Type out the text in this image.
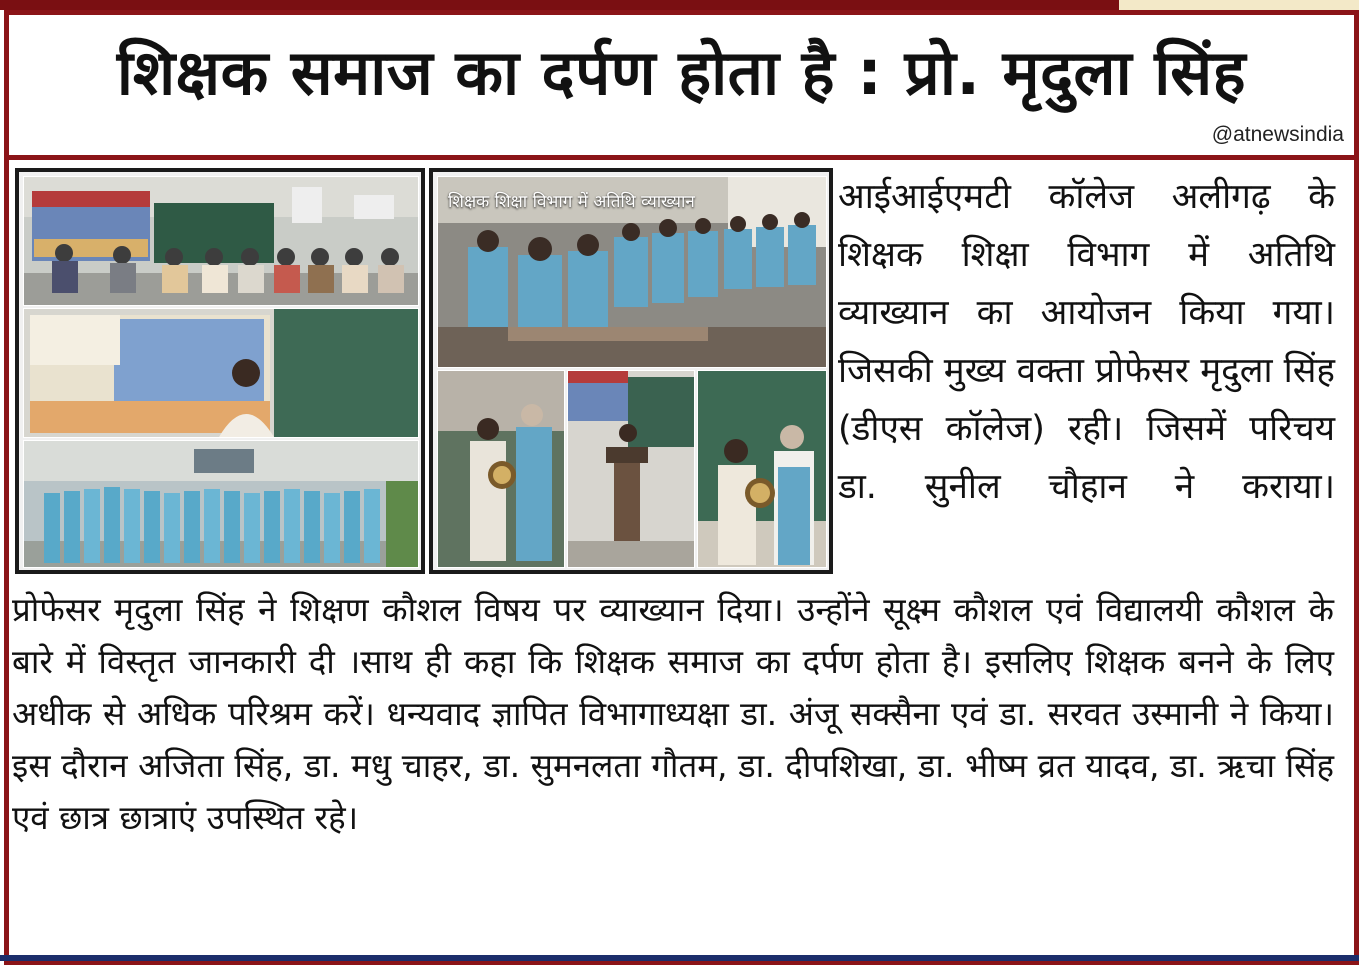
शिक्षक समाज का दर्पण होता है : प्रो. मृदुला सिंह
@atnewsindia
शिक्षक शिक्षा विभाग में अतिथि व्याख्यान	आईआईएमटी कॉलेज अलीगढ़ के शिक्षक शिक्षा विभाग में अतिथि व्याख्यान का आयोजन किया गया।जिसकी मुख्य वक्ता प्रोफेसर मृदुला सिंह (डीएस कॉलेज) रही। जिसमें परिचय डा. सुनील चौहान ने कराया।

प्रोफेसर मृदुला सिंह ने शिक्षण कौशल विषय पर व्याख्यान दिया। उन्होंने सूक्ष्म कौशल एवं विद्यालयी कौशल के बारे में विस्तृत जानकारी दी ।साथ ही कहा कि शिक्षक समाज का दर्पण होता है। इसलिए शिक्षक बनने के लिए अधीक से अधिक परिश्रम करें। धन्यवाद ज्ञापित विभागाध्यक्षा डा. अंजू सक्सैना एवं डा. सरवत उस्मानी ने किया। इस दौरान अजिता सिंह, डा. मधु चाहर, डा. सुमनलता गौतम, डा. दीपशिखा, डा. भीष्म व्रत यादव, डा. ऋचा सिंह एवं छात्र छात्राएं उपस्थित रहे।
